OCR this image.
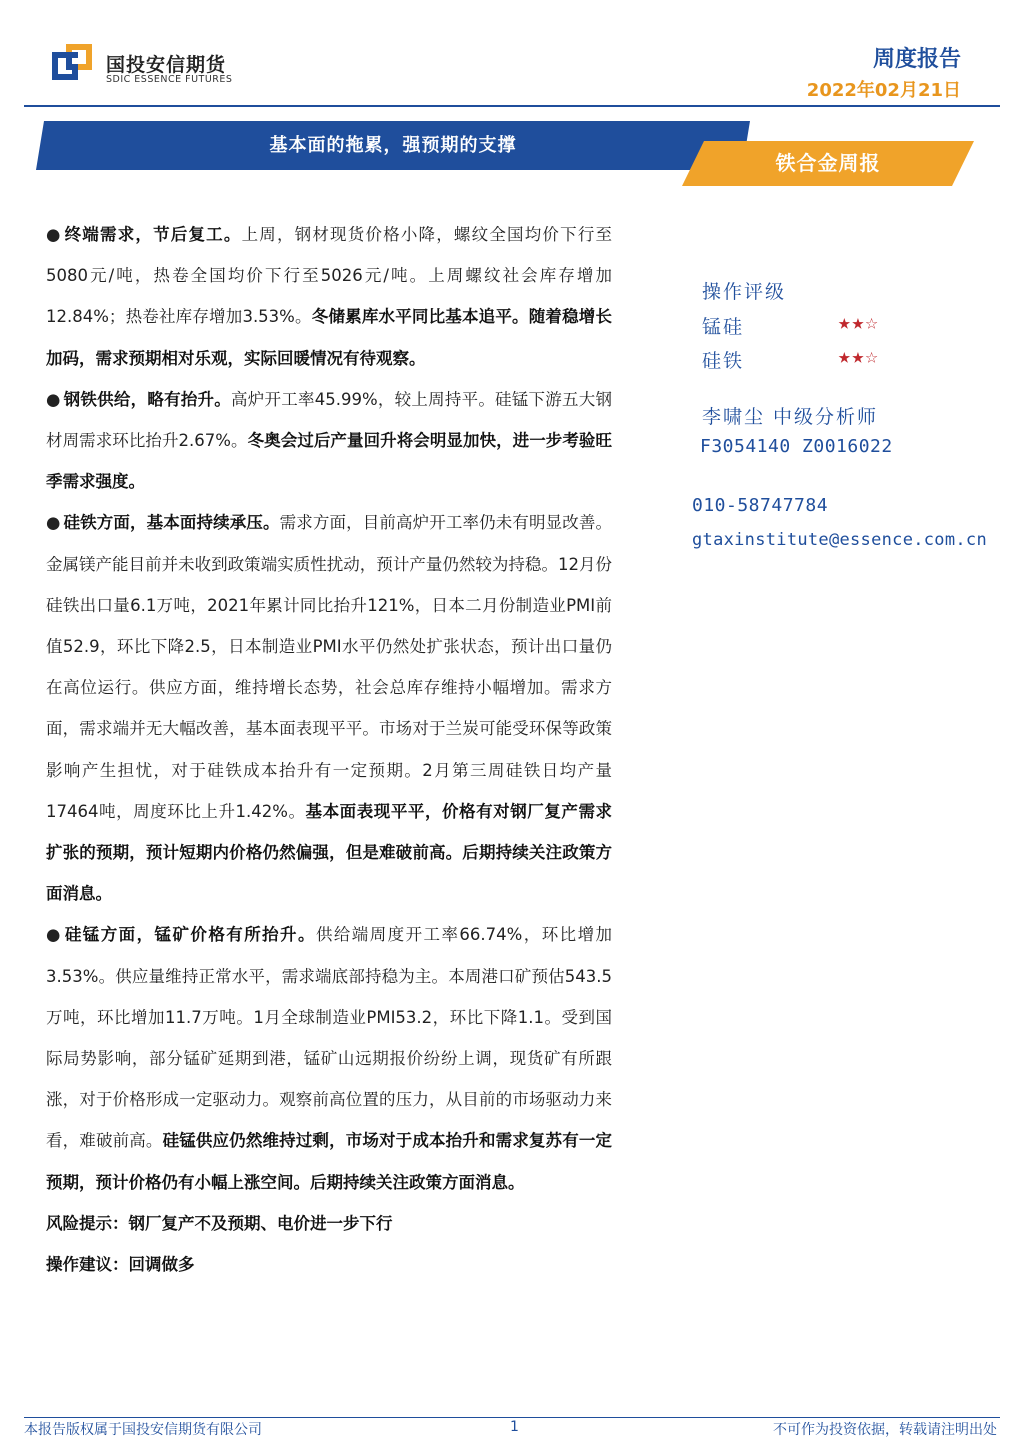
国投安信期货
SDIC ESSENCE FUTURES
周度报告
2022年02月21日
基本面的拖累，强预期的支撑
铁合金周报

● 终端需求，节后复工。上周，钢材现货价格小降，螺纹全国均价下行至5080元/吨，热卷全国均价下行至5026元/吨。上周螺纹社会库存增加12.84%；热卷社库存增加3.53%。冬储累库水平同比基本追平。随着稳增长加码，需求预期相对乐观，实际回暖情况有待观察。

● 钢铁供给，略有抬升。高炉开工率45.99%，较上周持平。硅锰下游五大钢材周需求环比抬升2.67%。冬奥会过后产量回升将会明显加快，进一步考验旺季需求强度。

● 硅铁方面，基本面持续承压。需求方面，目前高炉开工率仍未有明显改善。金属镁产能目前并未收到政策端实质性扰动，预计产量仍然较为持稳。12月份硅铁出口量6.1万吨，2021年累计同比抬升121%，日本二月份制造业PMI前值52.9，环比下降2.5，日本制造业PMI水平仍然处扩张状态，预计出口量仍在高位运行。供应方面，维持增长态势，社会总库存维持小幅增加。需求方面，需求端并无大幅改善，基本面表现平平。市场对于兰炭可能受环保等政策影响产生担忧，对于硅铁成本抬升有一定预期。2月第三周硅铁日均产量17464吨，周度环比上升1.42%。基本面表现平平，价格有对钢厂复产需求扩张的预期，预计短期内价格仍然偏强，但是难破前高。后期持续关注政策方面消息。

● 硅锰方面，锰矿价格有所抬升。供给端周度开工率66.74%，环比增加3.53%。供应量维持正常水平，需求端底部持稳为主。本周港口矿预估543.5万吨，环比增加11.7万吨。1月全球制造业PMI53.2，环比下降1.1。受到国际局势影响，部分锰矿延期到港，锰矿山远期报价纷纷上调，现货矿有所跟涨，对于价格形成一定驱动力。观察前高位置的压力，从目前的市场驱动力来看，难破前高。硅锰供应仍然维持过剩，市场对于成本抬升和需求复苏有一定预期，预计价格仍有小幅上涨空间。后期持续关注政策方面消息。

风险提示：钢厂复产不及预期、电价进一步下行

操作建议：回调做多

操作评级
锰硅	★★☆
硅铁	★★☆
李啸尘 中级分析师
F3054140 Z0016022
010-58747784
gtaxinstitute@essence.com.cn
本报告版权属于国投安信期货有限公司	1	不可作为投资依据，转载请注明出处
